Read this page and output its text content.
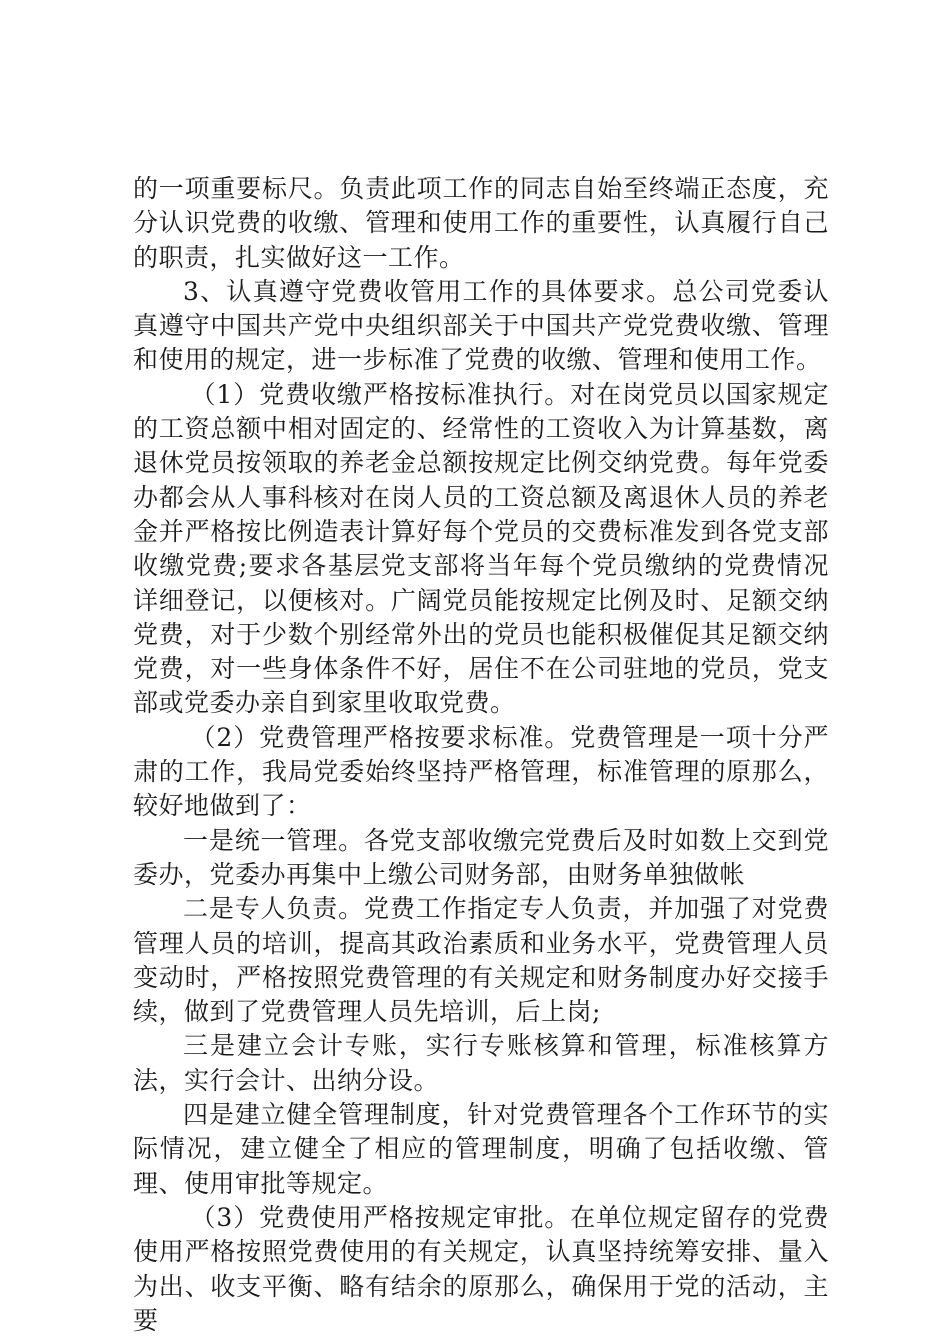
的一项重要标尺。负责此项工作的同志自始至终端正态度，充分认识党费的收缴、管理和使用工作的重要性，认真履行自己的职责，扎实做好这一工作。

3、认真遵守党费收管用工作的具体要求。总公司党委认真遵守中国共产党中央组织部关于中国共产党党费收缴、管理和使用的规定，进一步标准了党费的收缴、管理和使用工作。

（1）党费收缴严格按标准执行。对在岗党员以国家规定的工资总额中相对固定的、经常性的工资收入为计算基数，离退休党员按领取的养老金总额按规定比例交纳党费。每年党委办都会从人事科核对在岗人员的工资总额及离退休人员的养老金并严格按比例造表计算好每个党员的交费标准发到各党支部收缴党费;要求各基层党支部将当年每个党员缴纳的党费情况详细登记，以便核对。广阔党员能按规定比例及时、足额交纳党费，对于少数个别经常外出的党员也能积极催促其足额交纳党费，对一些身体条件不好，居住不在公司驻地的党员，党支部或党委办亲自到家里收取党费。

（2）党费管理严格按要求标准。党费管理是一项十分严肃的工作，我局党委始终坚持严格管理，标准管理的原那么，较好地做到了：

一是统一管理。各党支部收缴完党费后及时如数上交到党委办，党委办再集中上缴公司财务部，由财务单独做帐

二是专人负责。党费工作指定专人负责，并加强了对党费管理人员的培训，提高其政治素质和业务水平，党费管理人员变动时，严格按照党费管理的有关规定和财务制度办好交接手续，做到了党费管理人员先培训，后上岗;

三是建立会计专账，实行专账核算和管理，标准核算方法，实行会计、出纳分设。

四是建立健全管理制度，针对党费管理各个工作环节的实际情况，建立健全了相应的管理制度，明确了包括收缴、管理、使用审批等规定。

（3）党费使用严格按规定审批。在单位规定留存的党费使用严格按照党费使用的有关规定，认真坚持统筹安排、量入为出、收支平衡、略有结余的原那么，确保用于党的活动，主要
